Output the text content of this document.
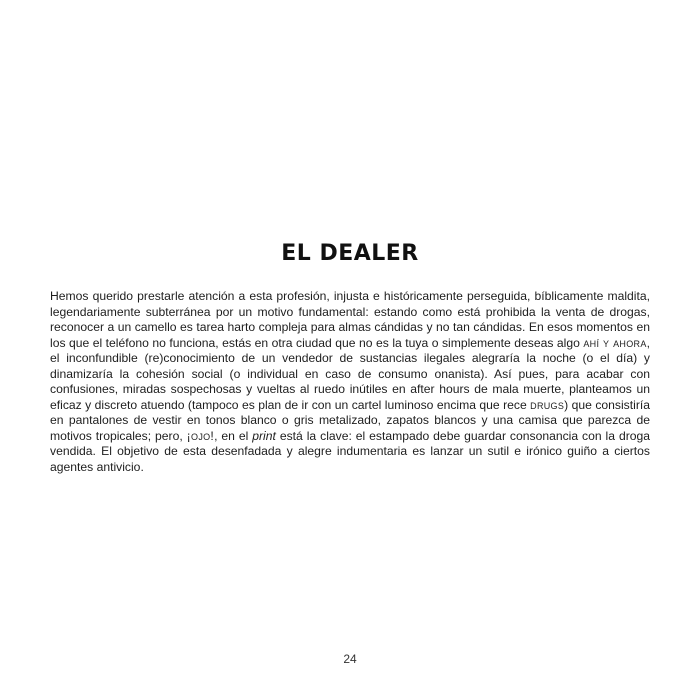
EL DEALER

Hemos querido prestarle atención a esta profesión, injusta e históricamente perseguida, bíblicamente maldita, legendariamente subterránea por un motivo fundamental: estando como está prohibida la venta de drogas, reconocer a un camello es tarea harto compleja para almas cándidas y no tan cándidas. En esos momentos en los que el teléfono no funciona, estás en otra ciudad que no es la tuya o simplemente deseas algo ahí y ahora, el inconfundible (re)conocimiento de un vendedor de sustancias ilegales alegraría la noche (o el día) y dinamizaría la cohesión social (o individual en caso de consumo onanista). Así pues, para acabar con confusiones, miradas sospechosas y vueltas al ruedo inútiles en after hours de mala muerte, planteamos un eficaz y discreto atuendo (tampoco es plan de ir con un cartel luminoso encima que rece drugs) que consistiría en pantalones de vestir en tonos blanco o gris metalizado, zapatos blancos y una camisa que parezca de motivos tropicales; pero, ¡ojo!, en el print está la clave: el estampado debe guardar consonancia con la droga vendida. El objetivo de esta desenfadada y alegre indumentaria es lanzar un sutil e irónico guiño a ciertos agentes antivicio.

24
